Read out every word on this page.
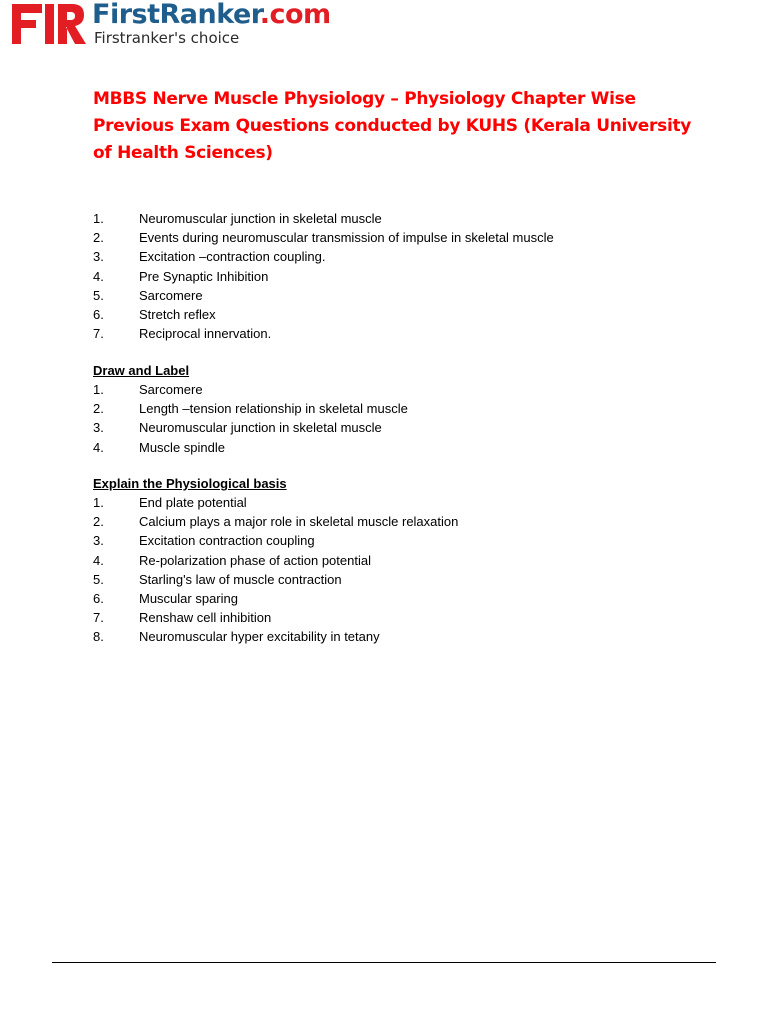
FirstRanker.com
Firstranker's choice
MBBS Nerve Muscle Physiology – Physiology Chapter Wise Previous Exam Questions conducted by KUHS (Kerala University of Health Sciences)
1.	Neuromuscular junction in skeletal muscle
2.	Events during neuromuscular transmission of impulse in skeletal muscle
3.	Excitation –contraction coupling.
4.	Pre Synaptic Inhibition
5.	Sarcomere
6.	Stretch reflex
7.	Reciprocal innervation.
Draw and Label
1.	Sarcomere
2.	Length –tension relationship in skeletal muscle
3.	Neuromuscular junction in skeletal muscle
4.	Muscle spindle
Explain the Physiological basis
1.	End plate potential
2.	Calcium plays a major role in skeletal muscle relaxation
3.	Excitation contraction coupling
4.	Re-polarization phase of action potential
5.	Starling's law of muscle contraction
6.	Muscular sparing
7.	Renshaw cell inhibition
8.	Neuromuscular hyper excitability in tetany
